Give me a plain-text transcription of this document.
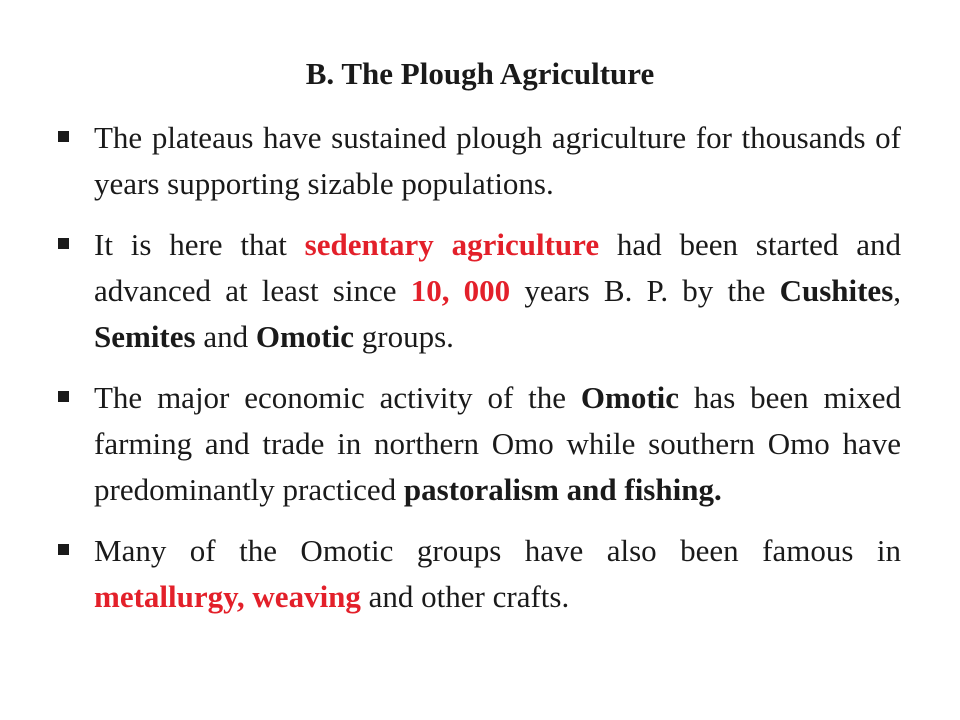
B. The Plough Agriculture
The plateaus have sustained plough agriculture for thousands of years supporting sizable populations.
It is here that sedentary agriculture had been started and advanced at least since 10, 000 years B. P. by the Cushites, Semites and Omotic groups.
The major economic activity of the Omotic has been mixed farming and trade in northern Omo while southern Omo have predominantly practiced pastoralism and fishing.
Many of the Omotic groups have also been famous in metallurgy, weaving and other crafts.
